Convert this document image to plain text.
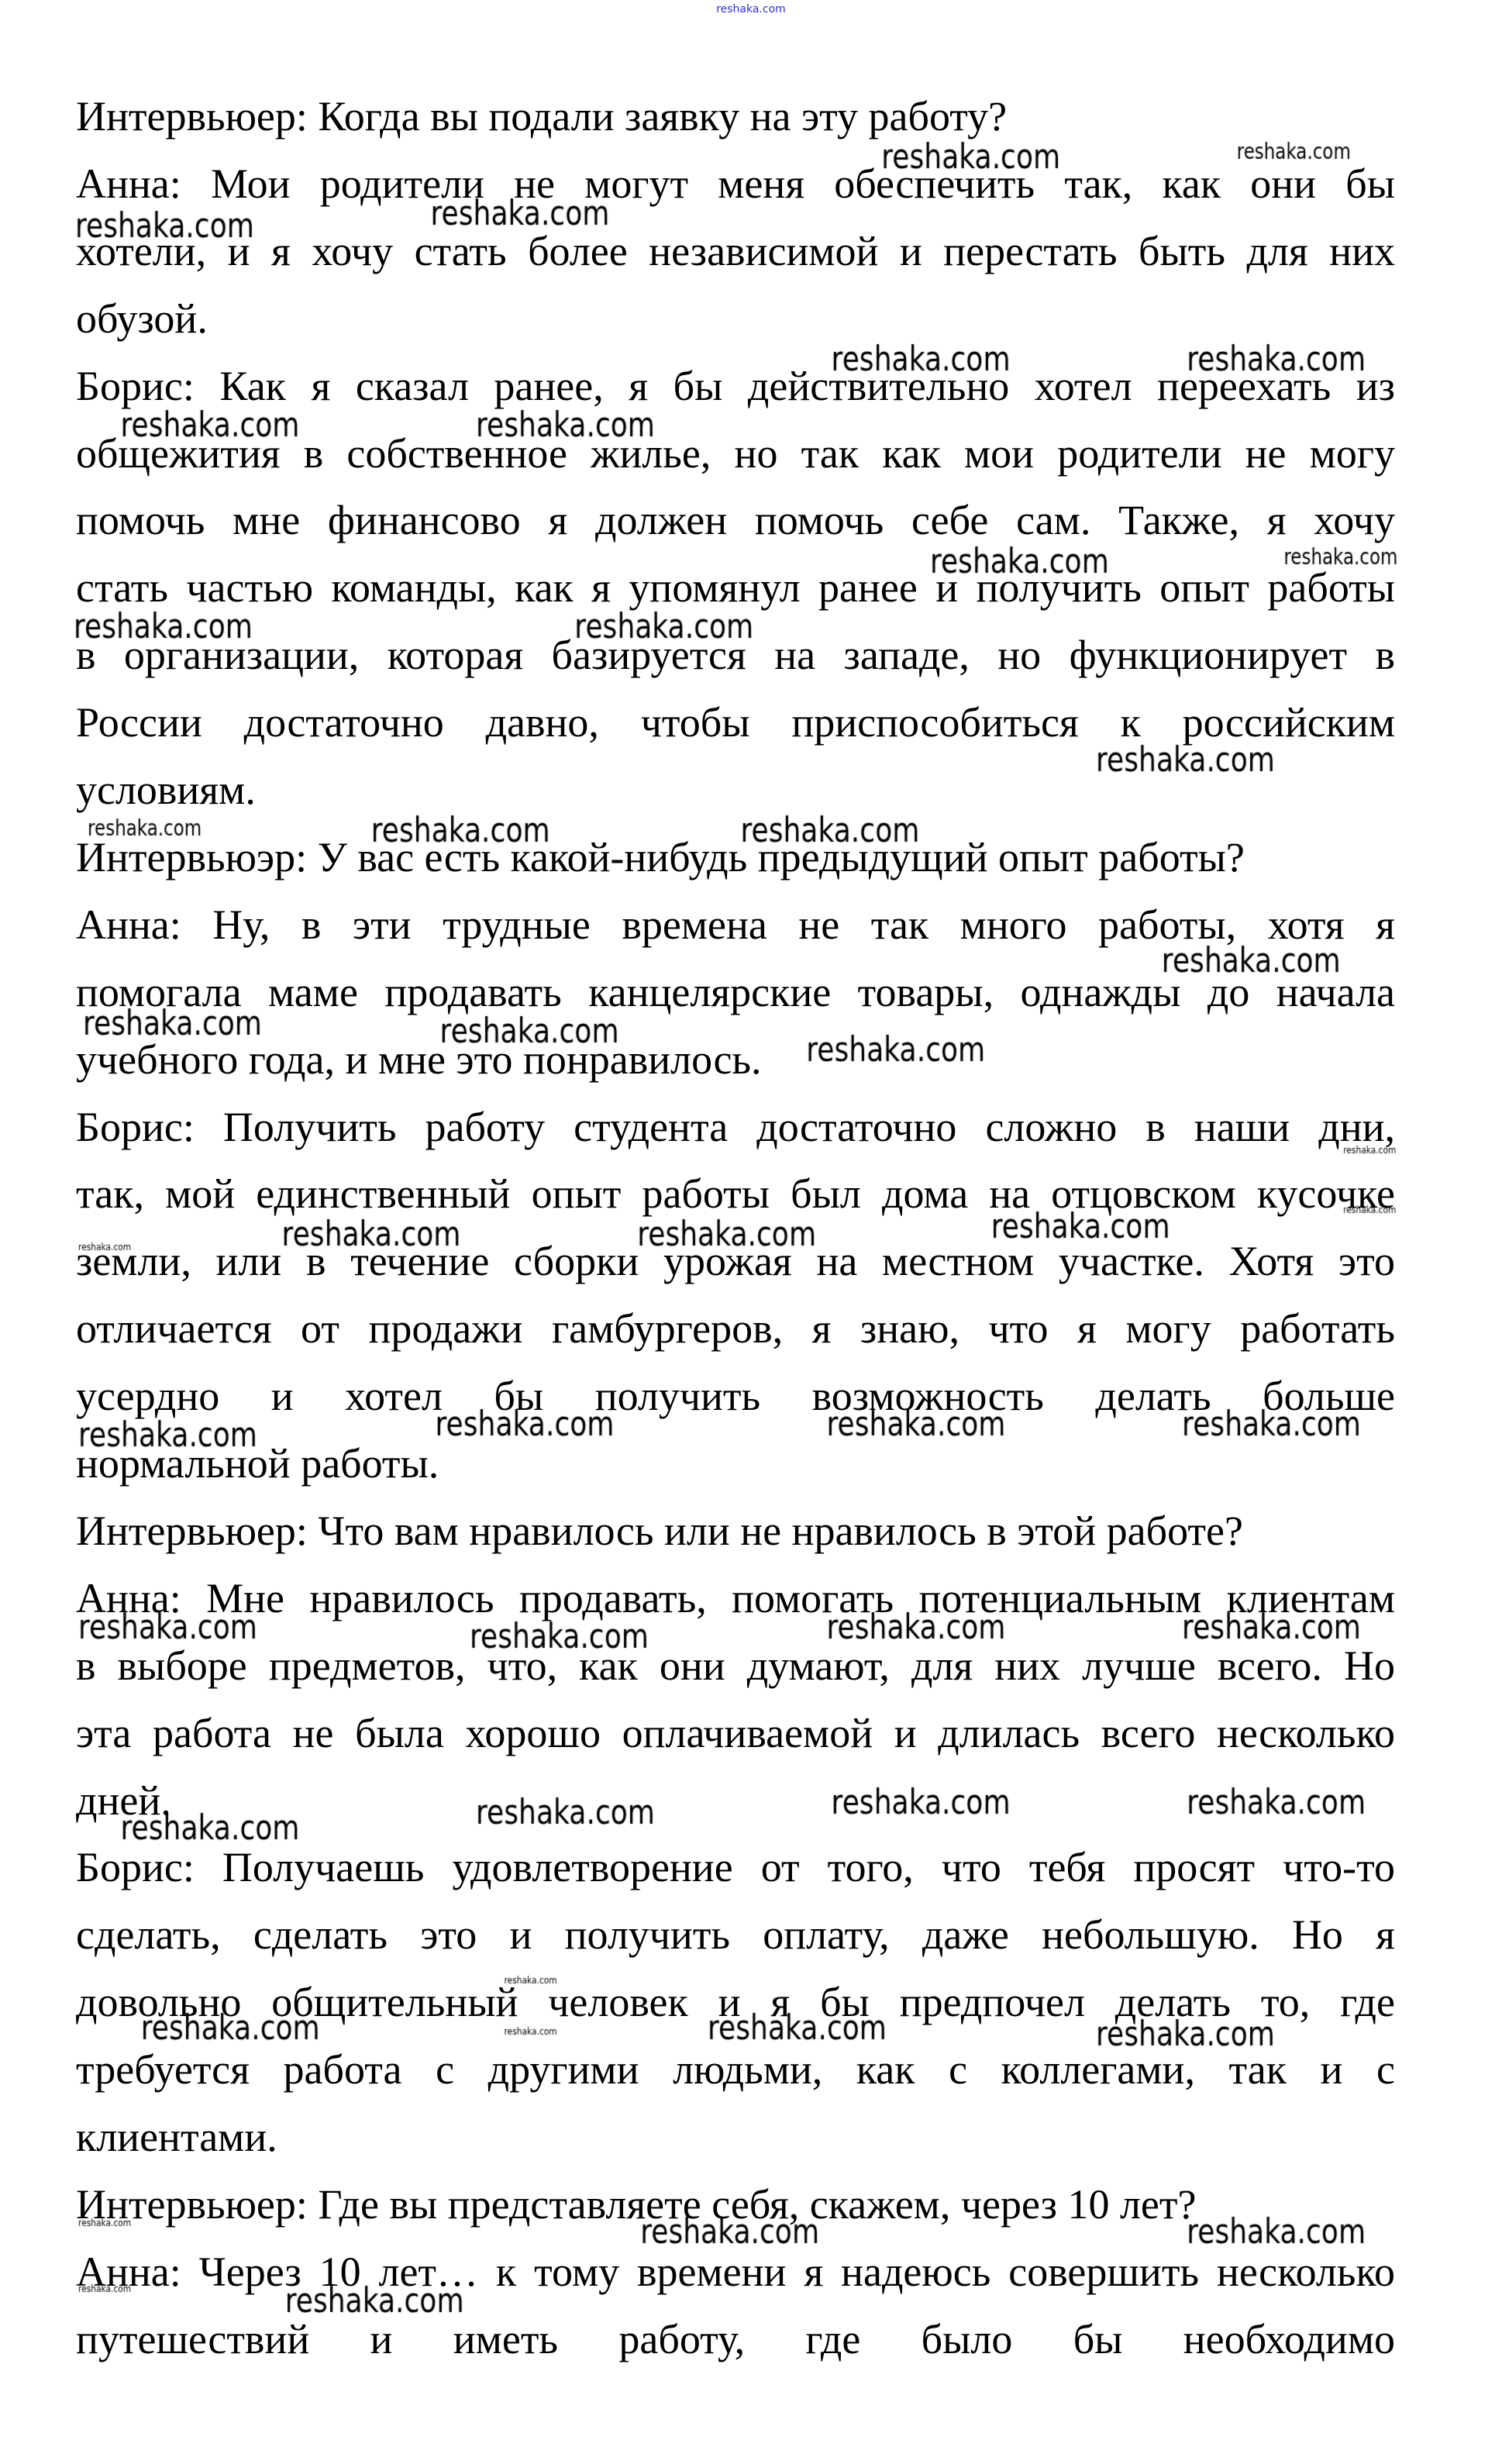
reshaka.com
Интервьюер: Когда вы подали заявку на эту работу?
Анна: Мои родители не могут меня обеспечить так, как они бы
хотели, и я хочу стать более независимой и перестать быть для них
обузой.
Борис: Как я сказал ранее, я бы действительно хотел переехать из
общежития в собственное жилье, но так как мои родители не могу
помочь мне финансово я должен помочь себе сам. Также, я хочу
стать частью команды, как я упомянул ранее и получить опыт работы
в организации, которая базируется на западе, но функционирует в
России достаточно давно, чтобы приспособиться к российским
условиям.
Интервьюэр: У вас есть какой-нибудь предыдущий опыт работы?
Анна: Ну, в эти трудные времена не так много работы, хотя я
помогала маме продавать канцелярские товары, однажды до начала
учебного года, и мне это понравилось.
Борис: Получить работу студента достаточно сложно в наши дни,
так, мой единственный опыт работы был дома на отцовском кусочке
земли, или в течение сборки урожая на местном участке. Хотя это
отличается от продажи гамбургеров, я знаю, что я могу работать
усердно и хотел бы получить возможность делать больше
нормальной работы.
Интервьюер: Что вам нравилось или не нравилось в этой работе?
Анна: Мне нравилось продавать, помогать потенциальным клиентам
в выборе предметов, что, как они думают, для них лучше всего. Но
эта работа не была хорошо оплачиваемой и длилась всего несколько
дней.
Борис: Получаешь удовлетворение от того, что тебя просят что-то
сделать, сделать это и получить оплату, даже небольшую. Но я
довольно общительный человек и я бы предпочел делать то, где
требуется работа с другими людьми, как с коллегами, так и с
клиентами.
Интервьюер: Где вы представляете себя, скажем, через 10 лет?
Анна: Через 10 лет… к тому времени я надеюсь совершить несколько
путешествий и иметь работу, где было бы необходимо
